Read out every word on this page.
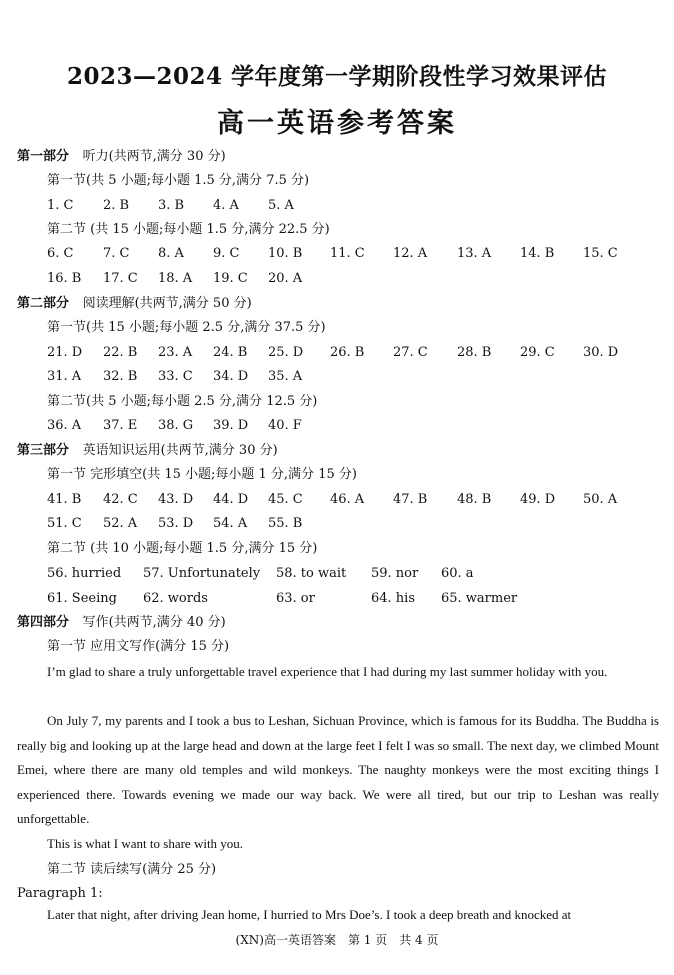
2023—2024 学年度第一学期阶段性学习效果评估
高一英语参考答案
第一部分 听力(共两节,满分 30 分)
第一节(共 5 小题;每小题 1.5 分,满分 7.5 分)
1. C 2. B 3. B 4. A 5. A
第二节 (共 15 小题;每小题 1.5 分,满分 22.5 分)
6. C 7. C 8. A 9. C 10. B 11. C 12. A 13. A 14. B 15. C
16. B 17. C 18. A 19. C 20. A
第二部分 阅读理解(共两节,满分 50 分)
第一节(共 15 小题;每小题 2.5 分,满分 37.5 分)
21. D 22. B 23. A 24. B 25. D 26. B 27. C 28. B 29. C 30. D
31. A 32. B 33. C 34. D 35. A
第二节(共 5 小题;每小题 2.5 分,满分 12.5 分)
36. A 37. E 38. G 39. D 40. F
第三部分 英语知识运用(共两节,满分 30 分)
第一节 完形填空(共 15 小题;每小题 1 分,满分 15 分)
41. B 42. C 43. D 44. D 45. C 46. A 47. B 48. B 49. D 50. A
51. C 52. A 53. D 54. A 55. B
第二节 (共 10 小题;每小题 1.5 分,满分 15 分)
56. hurried 57. Unfortunately 58. to wait 59. nor 60. a
61. Seeing 62. words	63. or	64. his 65. warmer
第四部分 写作(共两节,满分 40 分)
第一节 应用文写作(满分 15 分)
I’m glad to share a truly unforgettable travel experience that I had during my last summer holiday with you.
On July 7, my parents and I took a bus to Leshan, Sichuan Province, which is famous for its Buddha. The Buddha is really big and looking up at the large head and down at the large feet I felt I was so small. The next day, we climbed Mount Emei, where there are many old temples and wild monkeys. The naughty monkeys were the most exciting things I experienced there. Towards evening we made our way back. We were all tired, but our trip to Leshan was really unforgettable.
This is what I want to share with you.
第二节 读后续写(满分 25 分)
Paragraph 1:
Later that night, after driving Jean home, I hurried to Mrs Doe’s. I took a deep breath and knocked at
(XN)高一英语答案　第 1 页　共 4 页
